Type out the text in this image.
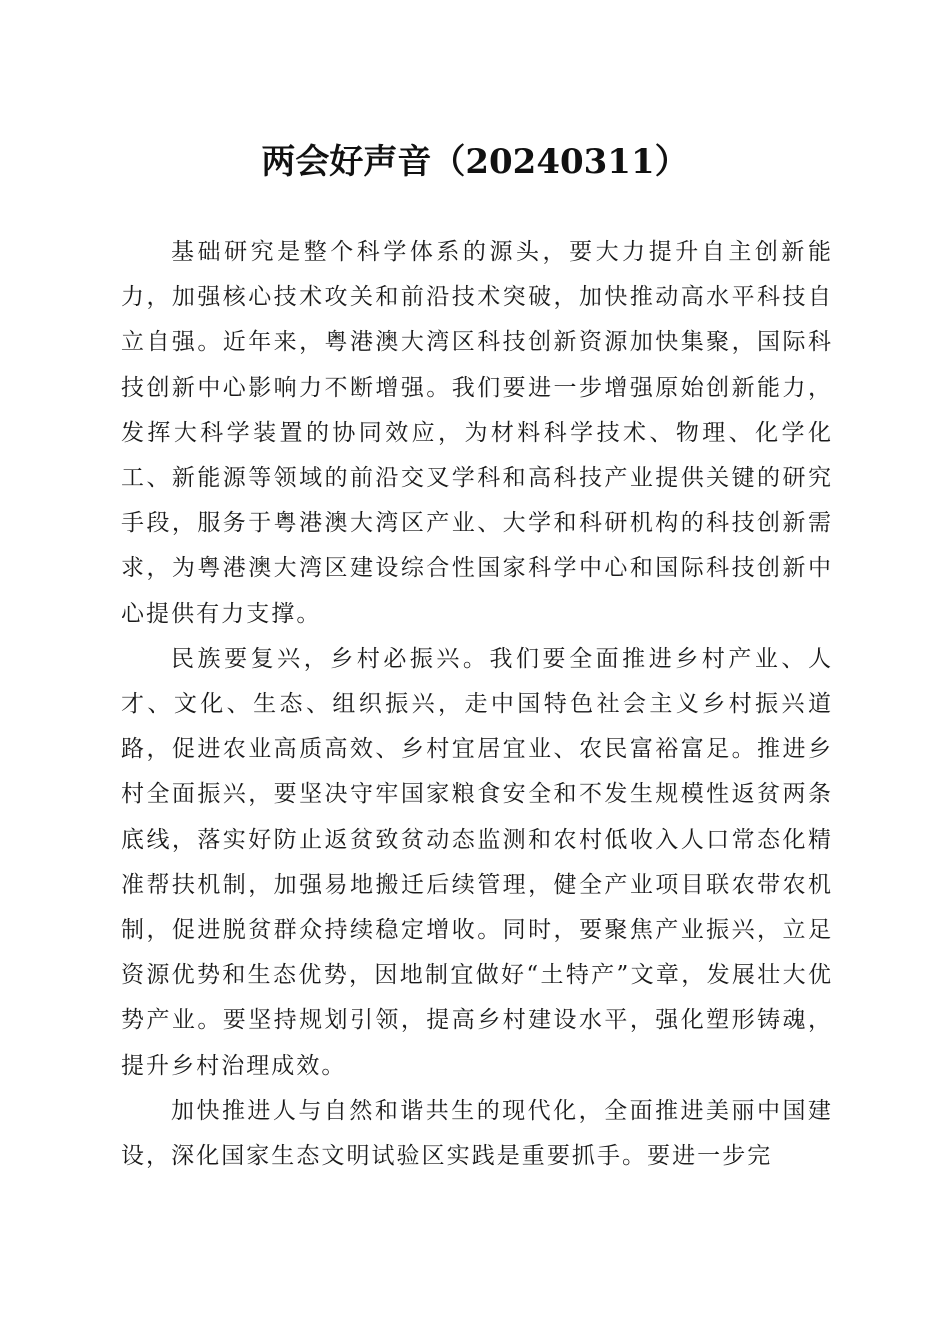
两会好声音（20240311）

基础研究是整个科学体系的源头，要大力提升自主创新能力，加强核心技术攻关和前沿技术突破，加快推动高水平科技自立自强。近年来，粤港澳大湾区科技创新资源加快集聚，国际科技创新中心影响力不断增强。我们要进一步增强原始创新能力，发挥大科学装置的协同效应，为材料科学技术、物理、化学化工、新能源等领域的前沿交叉学科和高科技产业提供关键的研究手段，服务于粤港澳大湾区产业、大学和科研机构的科技创新需求，为粤港澳大湾区建设综合性国家科学中心和国际科技创新中心提供有力支撑。

民族要复兴，乡村必振兴。我们要全面推进乡村产业、人才、文化、生态、组织振兴，走中国特色社会主义乡村振兴道路，促进农业高质高效、乡村宜居宜业、农民富裕富足。推进乡村全面振兴，要坚决守牢国家粮食安全和不发生规模性返贫两条底线，落实好防止返贫致贫动态监测和农村低收入人口常态化精准帮扶机制，加强易地搬迁后续管理，健全产业项目联农带农机制，促进脱贫群众持续稳定增收。同时，要聚焦产业振兴，立足资源优势和生态优势，因地制宜做好“土特产”文章，发展壮大优势产业。要坚持规划引领，提高乡村建设水平，强化塑形铸魂，提升乡村治理成效。

加快推进人与自然和谐共生的现代化，全面推进美丽中国建设，深化国家生态文明试验区实践是重要抓手。要进一步完
